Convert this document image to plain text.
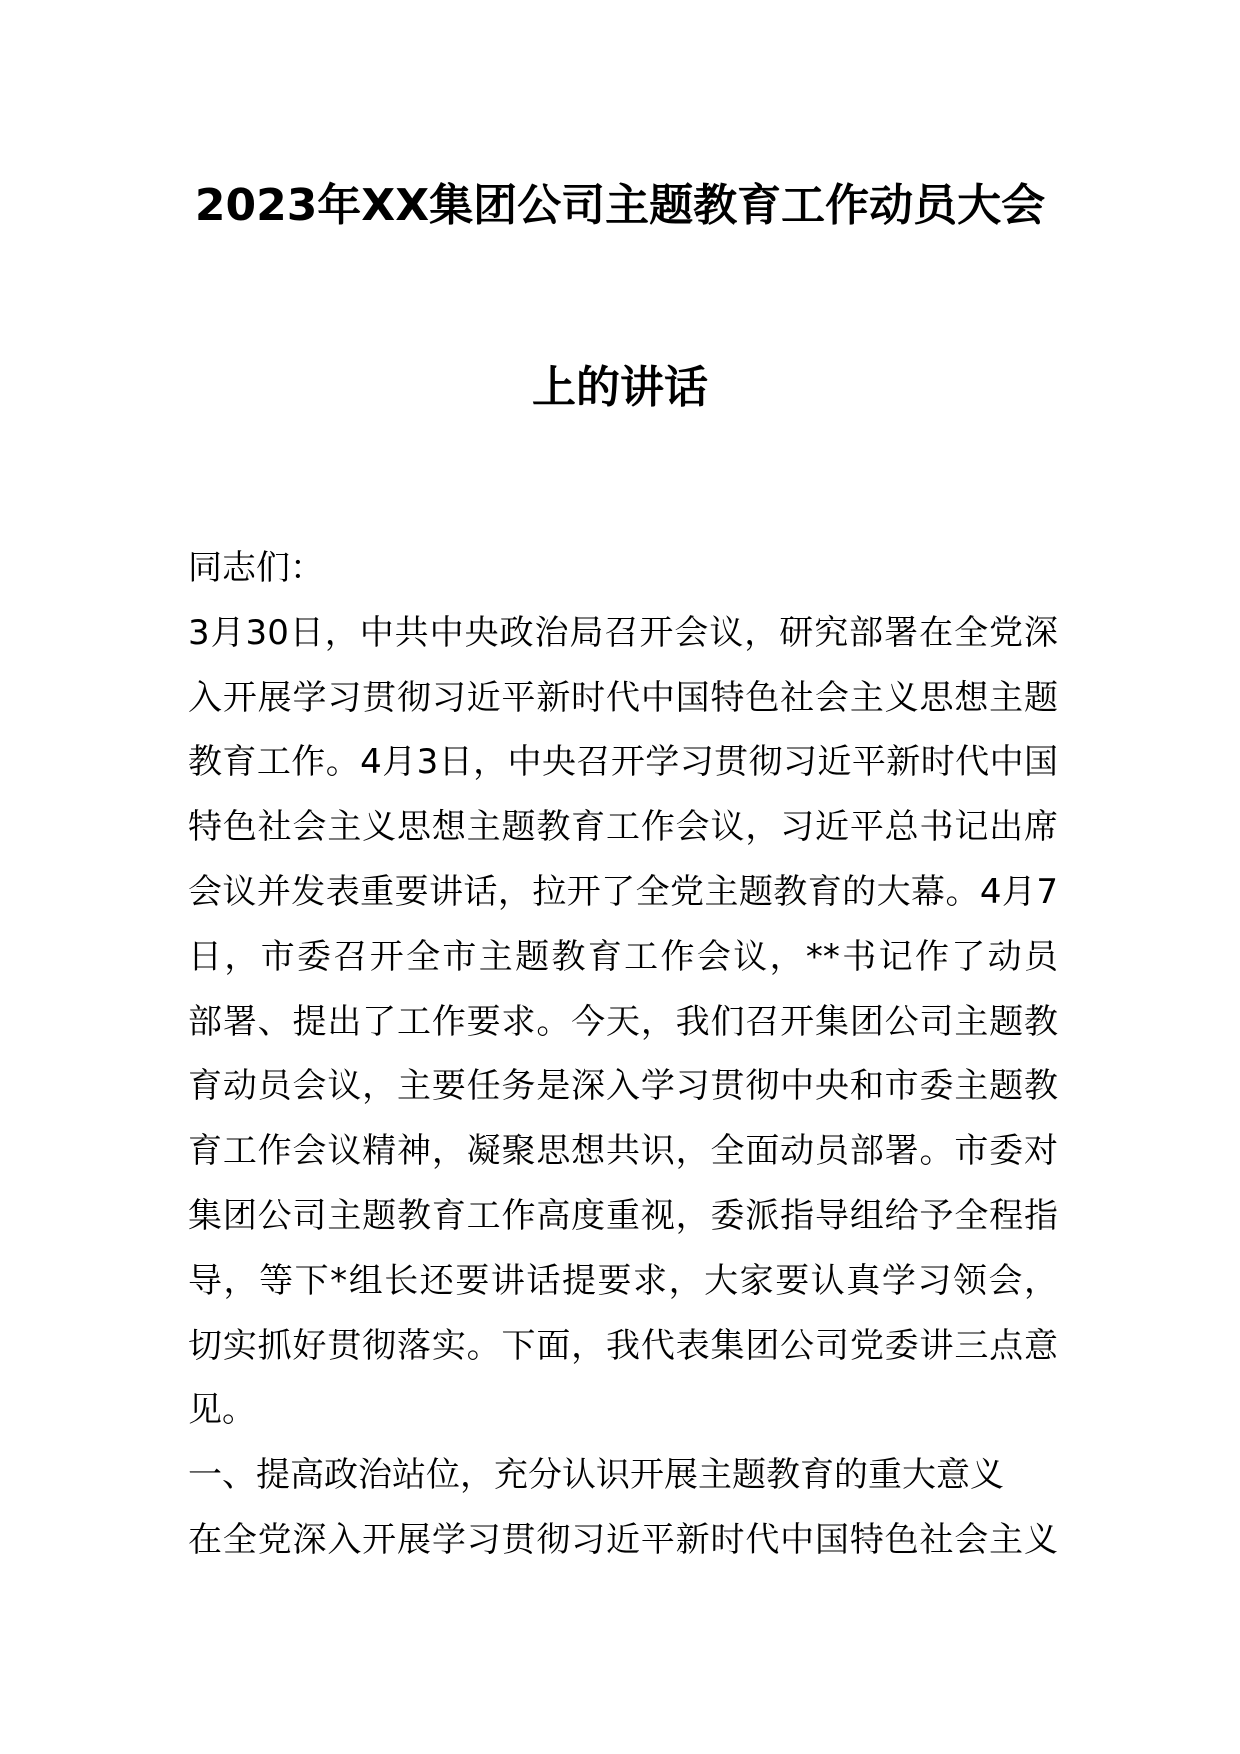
2023年XX集团公司主题教育工作动员大会
上的讲话
同志们：
3月30日，中共中央政治局召开会议，研究部署在全党深
入开展学习贯彻习近平新时代中国特色社会主义思想主题
教育工作。4月3日，中央召开学习贯彻习近平新时代中国
特色社会主义思想主题教育工作会议，习近平总书记出席
会议并发表重要讲话，拉开了全党主题教育的大幕。4月7
日，市委召开全市主题教育工作会议，**书记作了动员
部署、提出了工作要求。今天，我们召开集团公司主题教
育动员会议，主要任务是深入学习贯彻中央和市委主题教
育工作会议精神，凝聚思想共识，全面动员部署。市委对
集团公司主题教育工作高度重视，委派指导组给予全程指
导，等下*组长还要讲话提要求，大家要认真学习领会，
切实抓好贯彻落实。下面，我代表集团公司党委讲三点意
见。
一、提高政治站位，充分认识开展主题教育的重大意义
在全党深入开展学习贯彻习近平新时代中国特色社会主义
